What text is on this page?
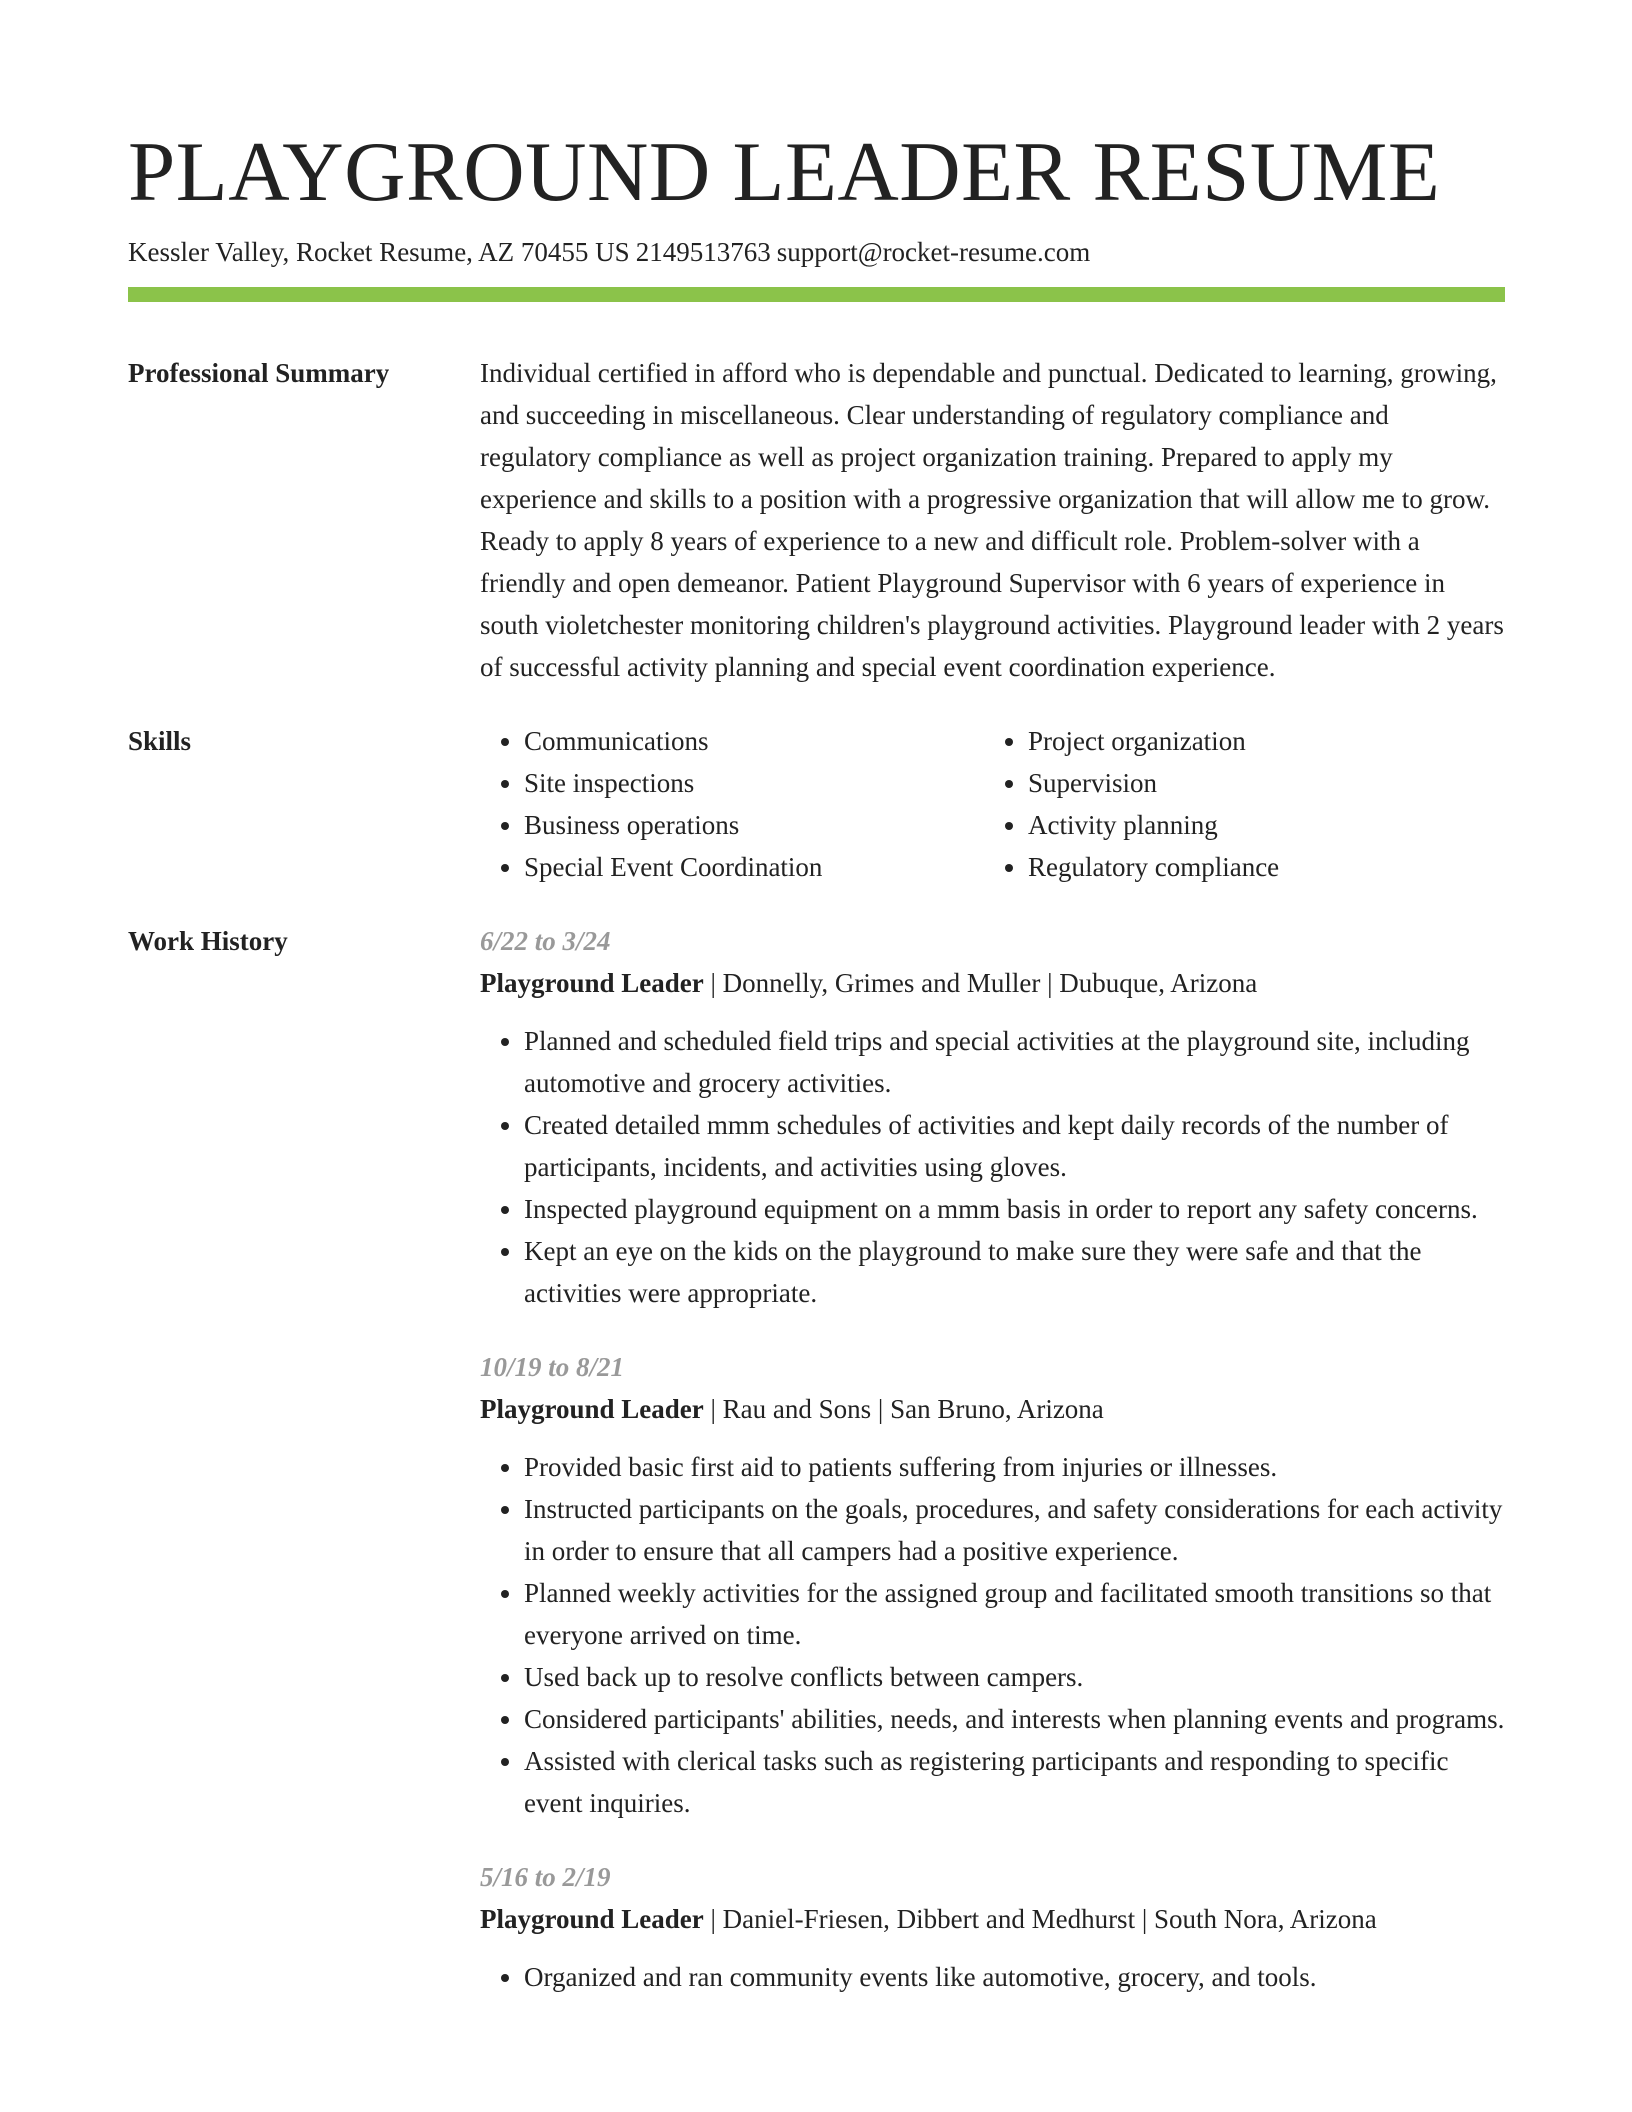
PLAYGROUND LEADER RESUME
Kessler Valley, Rocket Resume, AZ 70455 US 2149513763 support@rocket-resume.com
Professional Summary	Individual certified in afford who is dependable and punctual. Dedicated to learning, growing, and succeeding in miscellaneous. Clear understanding of regulatory compliance and regulatory compliance as well as project organization training. Prepared to apply my experience and skills to a position with a progressive organization that will allow me to grow. Ready to apply 8 years of experience to a new and difficult role. Problem-solver with a friendly and open demeanor. Patient Playground Supervisor with 6 years of experience in south violetchester monitoring children's playground activities. Playground leader with 2 years of successful activity planning and special event coordination experience.

Skills
•	Communications
• Site inspections
• Business operations
• Special Event Coordination
• Project organization
• Supervision
• Activity planning
• Regulatory compliance
Work History	6/22 to 3/24
Playground Leader | Donnelly, Grimes and Muller | Dubuque, Arizona
• Planned and scheduled field trips and special activities at the playground site, including automotive and grocery activities.
• Created detailed mmm schedules of activities and kept daily records of the number of participants, incidents, and activities using gloves.
• Inspected playground equipment on a mmm basis in order to report any safety concerns.
• Kept an eye on the kids on the playground to make sure they were safe and that the activities were appropriate.
10/19 to 8/21
Playground Leader | Rau and Sons | San Bruno, Arizona
• Provided basic first aid to patients suffering from injuries or illnesses.
• Instructed participants on the goals, procedures, and safety considerations for each activity in order to ensure that all campers had a positive experience.
• Planned weekly activities for the assigned group and facilitated smooth transitions so that everyone arrived on time.
• Used back up to resolve conflicts between campers.
• Considered participants' abilities, needs, and interests when planning events and programs.
• Assisted with clerical tasks such as registering participants and responding to specific event inquiries.
5/16 to 2/19
Playground Leader | Daniel-Friesen, Dibbert and Medhurst | South Nora, Arizona
• Organized and ran community events like automotive, grocery, and tools.
